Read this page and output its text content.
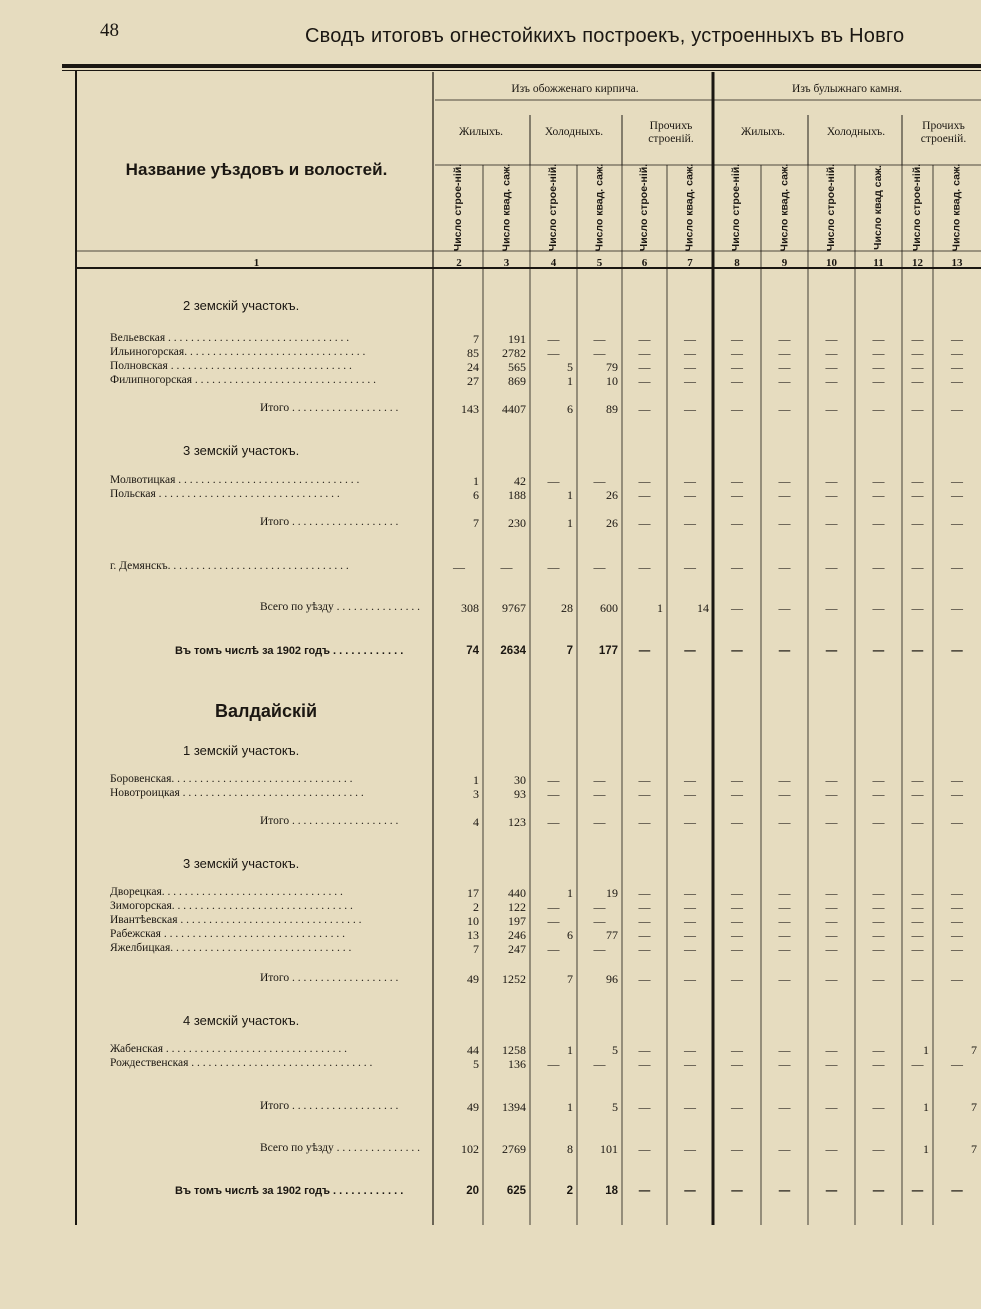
48	Сводъ итоговъ огнестойкихъ построекъ, устроенныхъ въ Новго
Название уѣздовъ и волостей.
Изъ обожженаго кирпича.	Изъ булыжнаго камня.
Жилыхъ.	Холодныхъ.	Прочихъ строеній.
Жилыхъ.	Холодныхъ.	Прочихъ строеній.
Число строе-ній.	Число квад. саж.	Число строе-ній.	Число квад. саж.	Число строе-ній.	Число квад. саж.	Число строе-ній.	Число квад. саж.	Число строе-ній.	Число квад саж.	Число строе-ній.	Число квад. саж.
1	2	3	4	5	6	7	8	9	10	11	12	13
2 земскій участокъ.
Вельевская . . . . . . . . . . . . . . . . . . . . . . . . . . . . . . . .	7	191	—	—	—	—	—	—	—	—	—	—
Ильиногорская. . . . . . . . . . . . . . . . . . . . . . . . . . . . . . . .	85	2782	—	—	—	—	—	—	—	—	—	—
Полновская . . . . . . . . . . . . . . . . . . . . . . . . . . . . . . . .	24	565	5	79	—	—	—	—	—	—	—	—
Филипногорская . . . . . . . . . . . . . . . . . . . . . . . . . . . . . . . .	27	869	1	10	—	—	—	—	—	—	—	—
Итого . . . . . . . . . . . . . . . . . . .	143	4407	6	89	—	—	—	—	—	—	—	—
3 земскій участокъ.
Молвотицкая . . . . . . . . . . . . . . . . . . . . . . . . . . . . . . . .	1	42	—	—	—	—	—	—	—	—	—	—
Польская . . . . . . . . . . . . . . . . . . . . . . . . . . . . . . . .	6	188	1	26	—	—	—	—	—	—	—	—
Итого . . . . . . . . . . . . . . . . . . .	7	230	1	26	—	—	—	—	—	—	—	—
г. Демянскъ. . . . . . . . . . . . . . . . . . . . . . . . . . . . . . . .	—	—	—	—	—	—	—	—	—	—	—	—
Всего по уѣзду . . . . . . . . . . . . . . .	308	9767	28	600	1	14	—	—	—	—	—	—
Въ томъ числѣ за 1902 годъ . . . . . . . . . . . .	74	2634	7	177	—	—	—	—	—	—	—	—
Валдайскій
1 земскій участокъ.
Боровенская. . . . . . . . . . . . . . . . . . . . . . . . . . . . . . . .	1	30	—	—	—	—	—	—	—	—	—	—
Новотроицкая . . . . . . . . . . . . . . . . . . . . . . . . . . . . . . . .	3	93	—	—	—	—	—	—	—	—	—	—
Итого . . . . . . . . . . . . . . . . . . .	4	123	—	—	—	—	—	—	—	—	—	—
3 земскій участокъ.
Дворецкая. . . . . . . . . . . . . . . . . . . . . . . . . . . . . . . .	17	440	1	19	—	—	—	—	—	—	—	—
Зимогорская. . . . . . . . . . . . . . . . . . . . . . . . . . . . . . . .	2	122	—	—	—	—	—	—	—	—	—	—
Ивантѣевская . . . . . . . . . . . . . . . . . . . . . . . . . . . . . . . .	10	197	—	—	—	—	—	—	—	—	—	—
Рабежская . . . . . . . . . . . . . . . . . . . . . . . . . . . . . . . .	13	246	6	77	—	—	—	—	—	—	—	—
Яжелбицкая. . . . . . . . . . . . . . . . . . . . . . . . . . . . . . . .	7	247	—	—	—	—	—	—	—	—	—	—
Итого . . . . . . . . . . . . . . . . . . .	49	1252	7	96	—	—	—	—	—	—	—	—
4 земскій участокъ.
Жабенская . . . . . . . . . . . . . . . . . . . . . . . . . . . . . . . .	44	1258	1	5	—	—	—	—	—	—	1	7
Рождественская . . . . . . . . . . . . . . . . . . . . . . . . . . . . . . . .	5	136	—	—	—	—	—	—	—	—	—	—
Итого . . . . . . . . . . . . . . . . . . .	49	1394	1	5	—	—	—	—	—	—	1	7
Всего по уѣзду . . . . . . . . . . . . . . .	102	2769	8	101	—	—	—	—	—	—	1	7
Въ томъ числѣ за 1902 годъ . . . . . . . . . . . .	20	625	2	18	—	—	—	—	—	—	—	—
